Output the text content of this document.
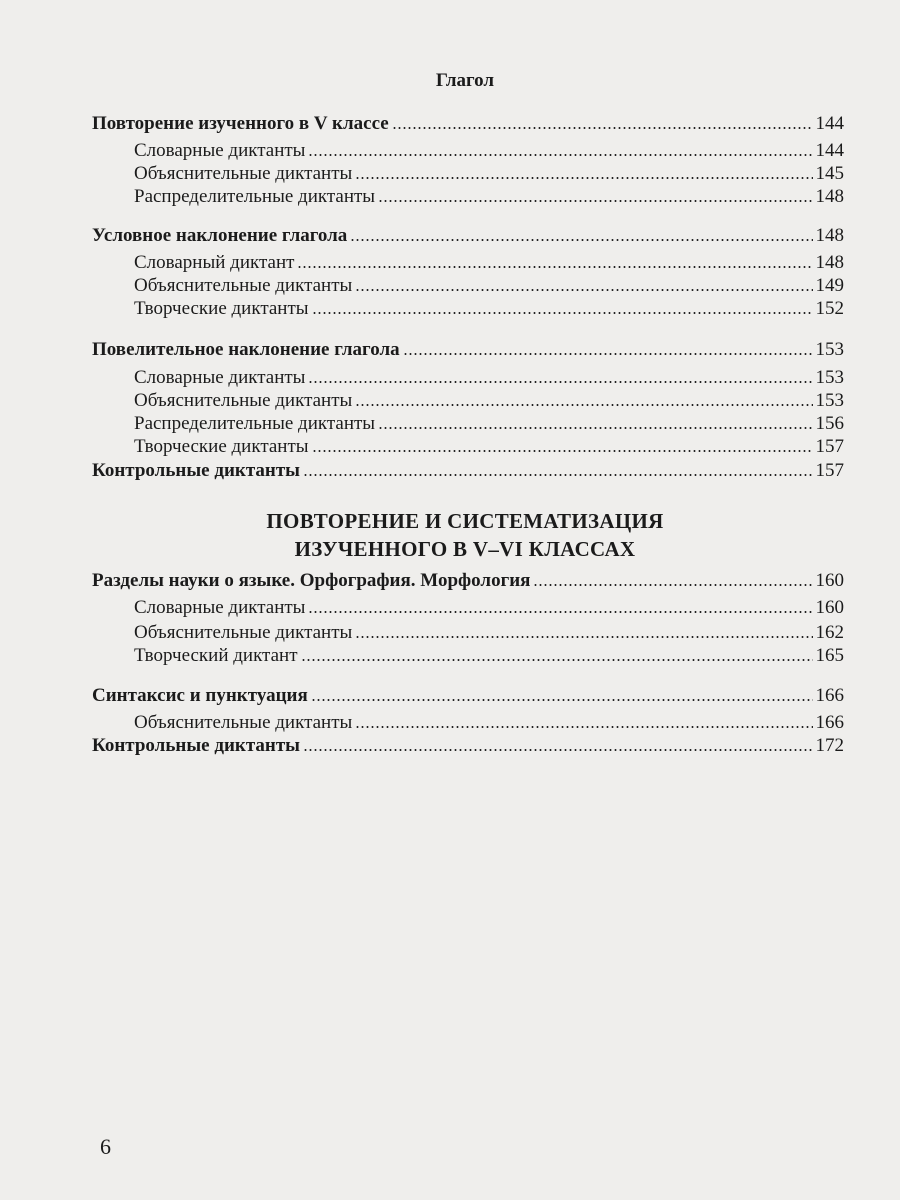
Глагол
Повторение изученного в V классе	144
Словарные диктанты	144
Объяснительные диктанты	145
Распределительные диктанты	148
Условное наклонение глагола	148
Словарный диктант	148
Объяснительные диктанты	149
Творческие диктанты	152
Повелительное наклонение глагола	153
Словарные диктанты	153
Объяснительные диктанты	153
Распределительные диктанты	156
Творческие диктанты	157
Контрольные диктанты	157
ПОВТОРЕНИЕ И СИСТЕМАТИЗАЦИЯ
ИЗУЧЕННОГО В V–VI КЛАССАХ
Разделы науки о языке. Орфография. Морфология	160
Словарные диктанты	160
Объяснительные диктанты	162
Творческий диктант	165
Синтаксис и пунктуация	166
Объяснительные диктанты	166
Контрольные диктанты	172
6
